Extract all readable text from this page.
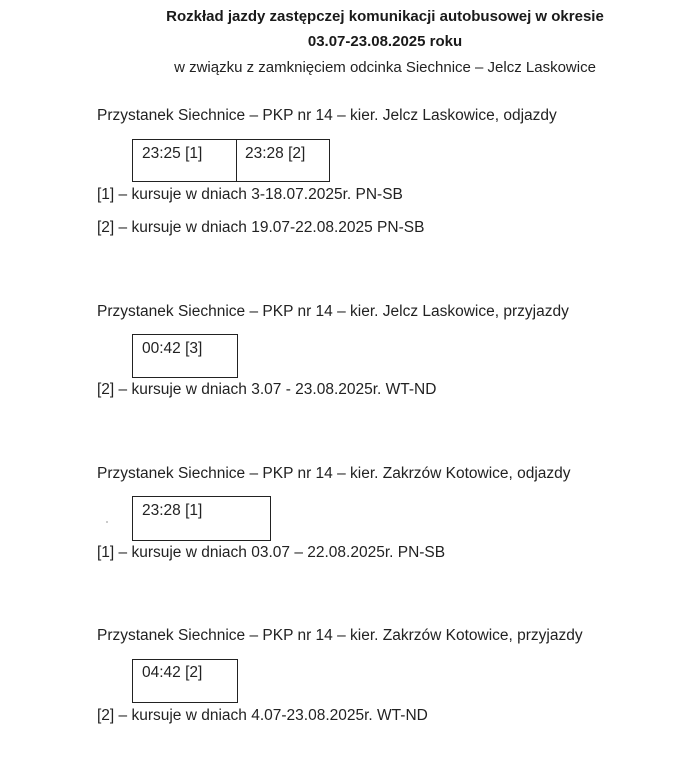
Rozkład jazdy zastępczej komunikacji autobusowej w okresie
03.07-23.08.2025 roku
w związku z zamknięciem odcinka Siechnice – Jelcz Laskowice
Przystanek Siechnice – PKP nr 14 – kier. Jelcz Laskowice, odjazdy
23:25 [1]	23:28 [2]
[1] – kursuje w dniach 3-18.07.2025r. PN-SB
[2] – kursuje w dniach 19.07-22.08.2025 PN-SB
Przystanek Siechnice – PKP nr 14 – kier. Jelcz Laskowice, przyjazdy
00:42 [3]
[2] – kursuje w dniach 3.07 - 23.08.2025r. WT-ND
Przystanek Siechnice – PKP nr 14 – kier. Zakrzów Kotowice, odjazdy
23:28 [1]
[1] – kursuje w dniach 03.07 – 22.08.2025r. PN-SB
Przystanek Siechnice – PKP nr 14 – kier. Zakrzów Kotowice, przyjazdy
04:42 [2]
[2] – kursuje w dniach 4.07-23.08.2025r. WT-ND
